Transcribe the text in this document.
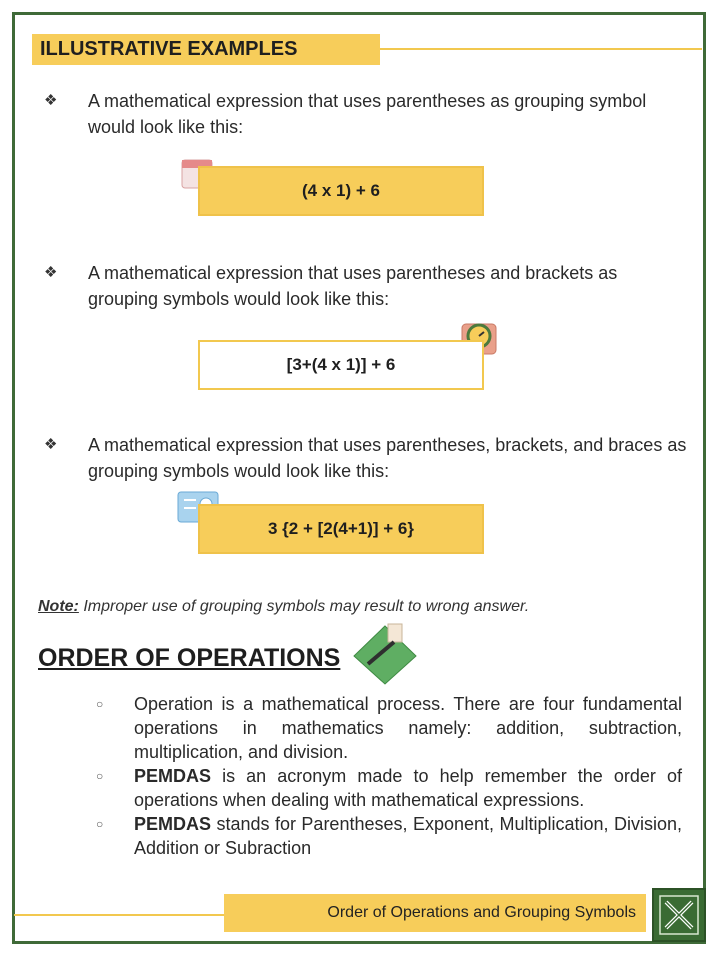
ILLUSTRATIVE EXAMPLES
❖ A mathematical expression that uses parentheses as grouping symbol would look like this:
(4 x 1) + 6
❖ A mathematical expression that uses parentheses and brackets as grouping symbols would look like this:
[3+(4 x 1)] + 6
❖ A mathematical expression that uses parentheses, brackets, and braces as grouping symbols would look like this:
3 {2 + [2(4+1)] + 6}
Note: Improper use of grouping symbols may result to wrong answer.
ORDER OF OPERATIONS
○ Operation is a mathematical process. There are four fundamental operations in mathematics namely: addition, subtraction, multiplication, and division.
○ PEMDAS is an acronym made to help remember the order of operations when dealing with mathematical expressions.
○ PEMDAS stands for Parentheses, Exponent, Multiplication, Division, Addition or Subraction
Order of Operations and Grouping Symbols
